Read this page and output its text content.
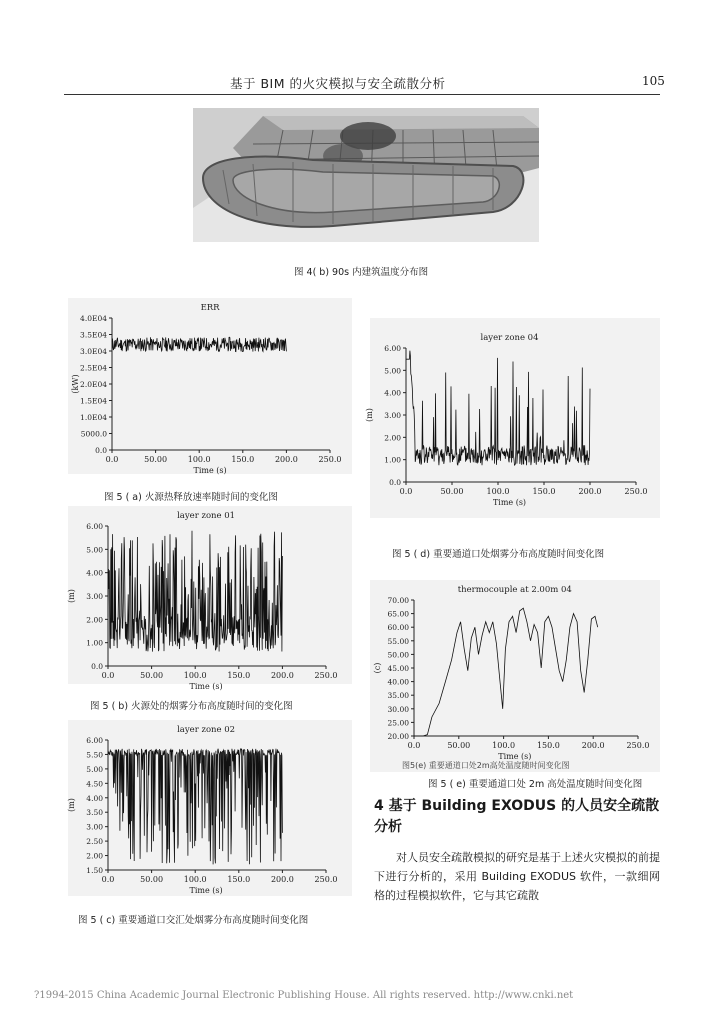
基于 BIM 的火灾模拟与安全疏散分析	105
图 4( b) 90s 内建筑温度分布图
ERR
0.0	50.00	100.0	150.0	200.0	250.0
0.0
5000.0
1.0E04
1.5E04
2.0E04
2.5E04
3.0E04
3.5E04
4.0E04
Time (s)
(kW)
图 5 ( a) 火源热释放速率随时间的变化图
layer zone 01
0.0	50.00	100.0	150.0	200.0	250.0
0.0
1.00
2.00
3.00
4.00
5.00
6.00
Time (s)
(m)
图 5 ( b) 火源处的烟雾分布高度随时间的变化图
layer zone 02
0.0	50.00	100.0	150.0	200.0	250.0
1.50
2.00
2.50
3.00
3.50
4.00
4.50
5.00
5.50
6.00
Time (s)
(m)
图 5 ( c) 重要通道口交汇处烟雾分布高度随时间变化图
layer zone 04
0.0	50.00	100.0	150.0	200.0	250.0
0.0
1.00
2.00
3.00
4.00
5.00
6.00
Time (s)
(m)
图 5 ( d) 重要通道口处烟雾分布高度随时间变化图
thermocouple at 2.00m 04
0.0	50.00	100.0	150.0	200.0	250.0
20.00
25.00
30.00
35.00
40.00
45.00
50.00
55.00
60.00
65.00
70.00
Time (s)
(c)
图5(e) 重要通道口处2m高处温度随时间变化图
图 5 ( e) 重要通道口处 2m 高处温度随时间变化图
4 基于 Building EXODUS 的人员安全疏散分析
对人员安全疏散模拟的研究是基于上述火灾模拟的前提下进行分析的，采用 Building EXODUS 软件，一款细网格的过程模拟软件，它与其它疏散
?1994-2015 China Academic Journal Electronic Publishing House. All rights reserved. http://www.cnki.net
